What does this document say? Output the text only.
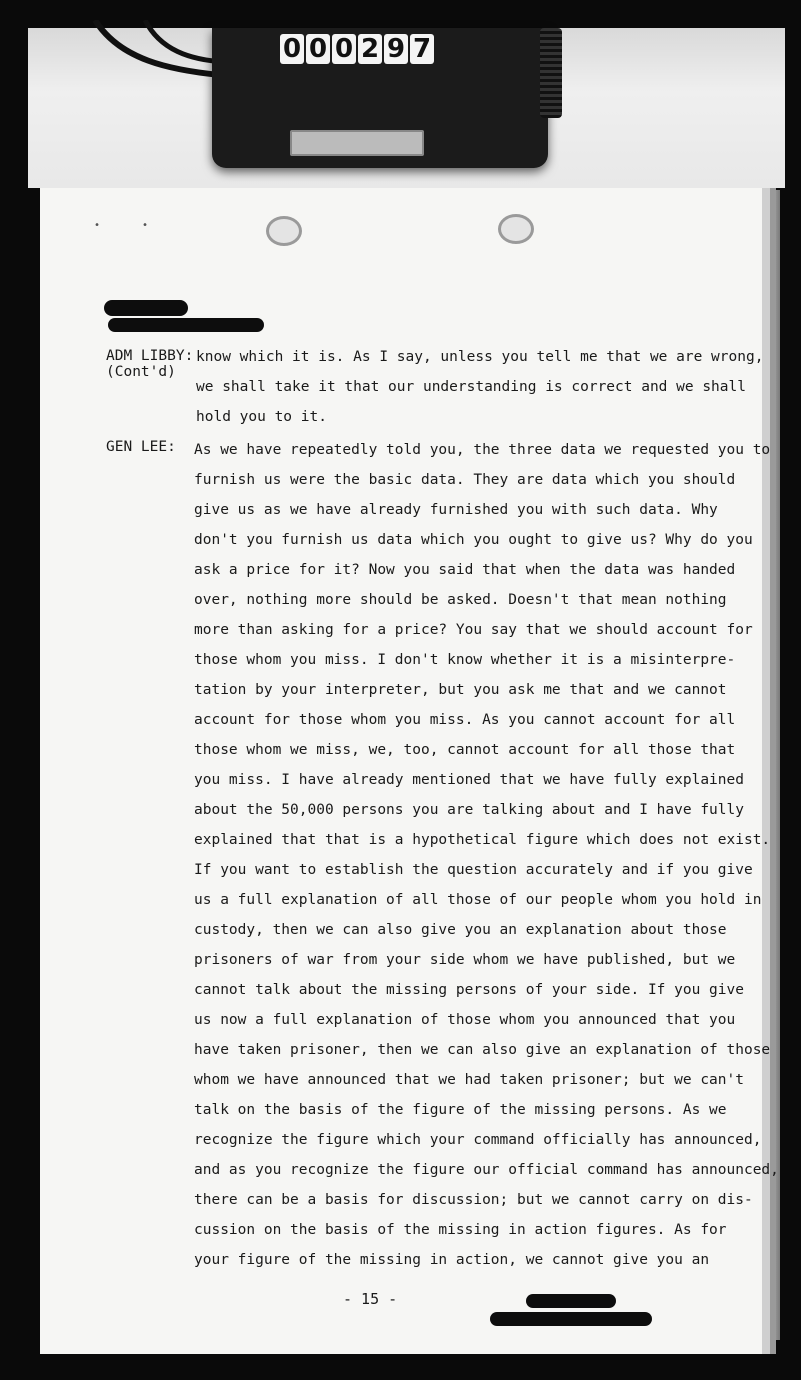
0 0 0 2 9 7
•	•

ADM LIBBY:
(Cont'd)

GEN LEE:

know which it is. As I say, unless you tell me that we are wrong,
we shall take it that our understanding is correct and we shall
hold you to it.
As we have repeatedly told you, the three data we requested you to
furnish us were the basic data. They are data which you should
give us as we have already furnished you with such data. Why
don't you furnish us data which you ought to give us? Why do you
ask a price for it? Now you said that when the data was handed
over, nothing more should be asked. Doesn't that mean nothing
more than asking for a price? You say that we should account for
those whom you miss. I don't know whether it is a misinterpre-
tation by your interpreter, but you ask me that and we cannot
account for those whom you miss. As you cannot account for all
those whom we miss, we, too, cannot account for all those that
you miss. I have already mentioned that we have fully explained
about the 50,000 persons you are talking about and I have fully
explained that that is a hypothetical figure which does not exist.
If you want to establish the question accurately and if you give
us a full explanation of all those of our people whom you hold in
custody, then we can also give you an explanation about those
prisoners of war from your side whom we have published, but we
cannot talk about the missing persons of your side. If you give
us now a full explanation of those whom you announced that you
have taken prisoner, then we can also give an explanation of those
whom we have announced that we had taken prisoner; but we can't
talk on the basis of the figure of the missing persons. As we
recognize the figure which your command officially has announced,
and as you recognize the figure our official command has announced,
there can be a basis for discussion; but we cannot carry on dis-
cussion on the basis of the missing in action figures. As for
your figure of the missing in action, we cannot give you an
- 15 -
